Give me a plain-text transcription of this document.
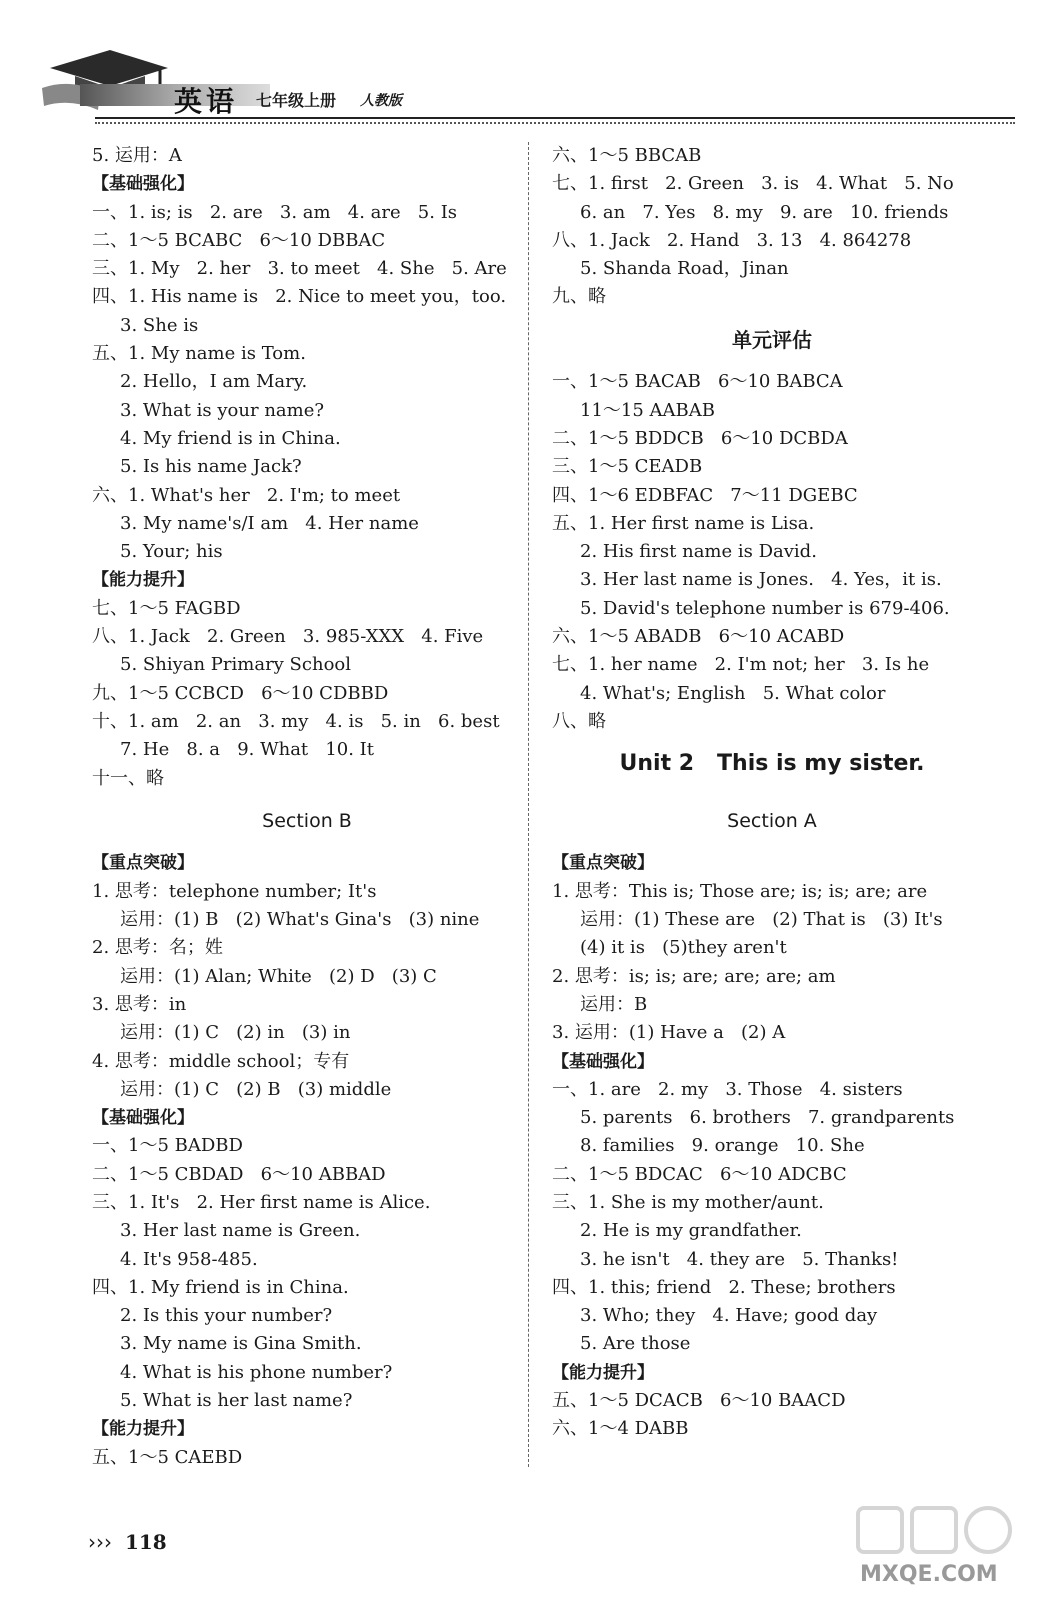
英语 七年级上册 人教版
5. 运用：A
【基础强化】
一、1. is; is   2. are   3. am   4. are   5. Is
二、1～5 BCABC   6～10 DBBAC
三、1. My   2. her   3. to meet   4. She   5. Are
四、1. His name is   2. Nice to meet you，too.
3. She is
五、1. My name is Tom.
2. Hello，I am Mary.
3. What is your name?
4. My friend is in China.
5. Is his name Jack?
六、1. What's her   2. I'm; to meet
3. My name's/I am   4. Her name
5. Your; his
【能力提升】
七、1～5 FAGBD
八、1. Jack   2. Green   3. 985-XXX   4. Five
5. Shiyan Primary School
九、1～5 CCBCD   6～10 CDBBD
十、1. am   2. an   3. my   4. is   5. in   6. best
7. He   8. a   9. What   10. It
十一、略
Section B
【重点突破】
1. 思考：telephone number; It's
运用：(1) B   (2) What's Gina's   (3) nine
2. 思考：名；姓
运用：(1) Alan; White   (2) D   (3) C
3. 思考：in
运用：(1) C   (2) in   (3) in
4. 思考：middle school；专有
运用：(1) C   (2) B   (3) middle
【基础强化】
一、1～5 BADBD
二、1～5 CBDAD   6～10 ABBAD
三、1. It's   2. Her first name is Alice.
3. Her last name is Green.
4. It's 958-485.
四、1. My friend is in China.
2. Is this your number?
3. My name is Gina Smith.
4. What is his phone number?
5. What is her last name?
【能力提升】
五、1～5 CAEBD
六、1～5 BBCAB
七、1. first   2. Green   3. is   4. What   5. No
6. an   7. Yes   8. my   9. are   10. friends
八、1. Jack   2. Hand   3. 13   4. 864278
5. Shanda Road，Jinan
九、略
单元评估
一、1～5 BACAB   6～10 BABCA
11～15 AABAB
二、1～5 BDDCB   6～10 DCBDA
三、1～5 CEADB
四、1～6 EDBFAC   7～11 DGEBC
五、1. Her first name is Lisa.
2. His first name is David.
3. Her last name is Jones.   4. Yes，it is.
5. David's telephone number is 679-406.
六、1～5 ABADB   6～10 ACABD
七、1. her name   2. I'm not; her   3. Is he
4. What's; English   5. What color
八、略
Unit 2   This is my sister.
Section A
【重点突破】
1. 思考：This is; Those are; is; is; are; are
运用：(1) These are   (2) That is   (3) It's
(4) it is   (5)they aren't
2. 思考：is; is; are; are; are; am
运用：B
3. 运用：(1) Have a   (2) A
【基础强化】
一、1. are   2. my   3. Those   4. sisters
5. parents   6. brothers   7. grandparents
8. families   9. orange   10. She
二、1～5 BDCAC   6～10 ADCBC
三、1. She is my mother/aunt.
2. He is my grandfather.
3. he isn't   4. they are   5. Thanks!
四、1. this; friend   2. These; brothers
3. Who; they   4. Have; good day
5. Are those
【能力提升】
五、1～5 DCACB   6～10 BAACD
六、1～4 DABB
››› 118
MXQE.COM
